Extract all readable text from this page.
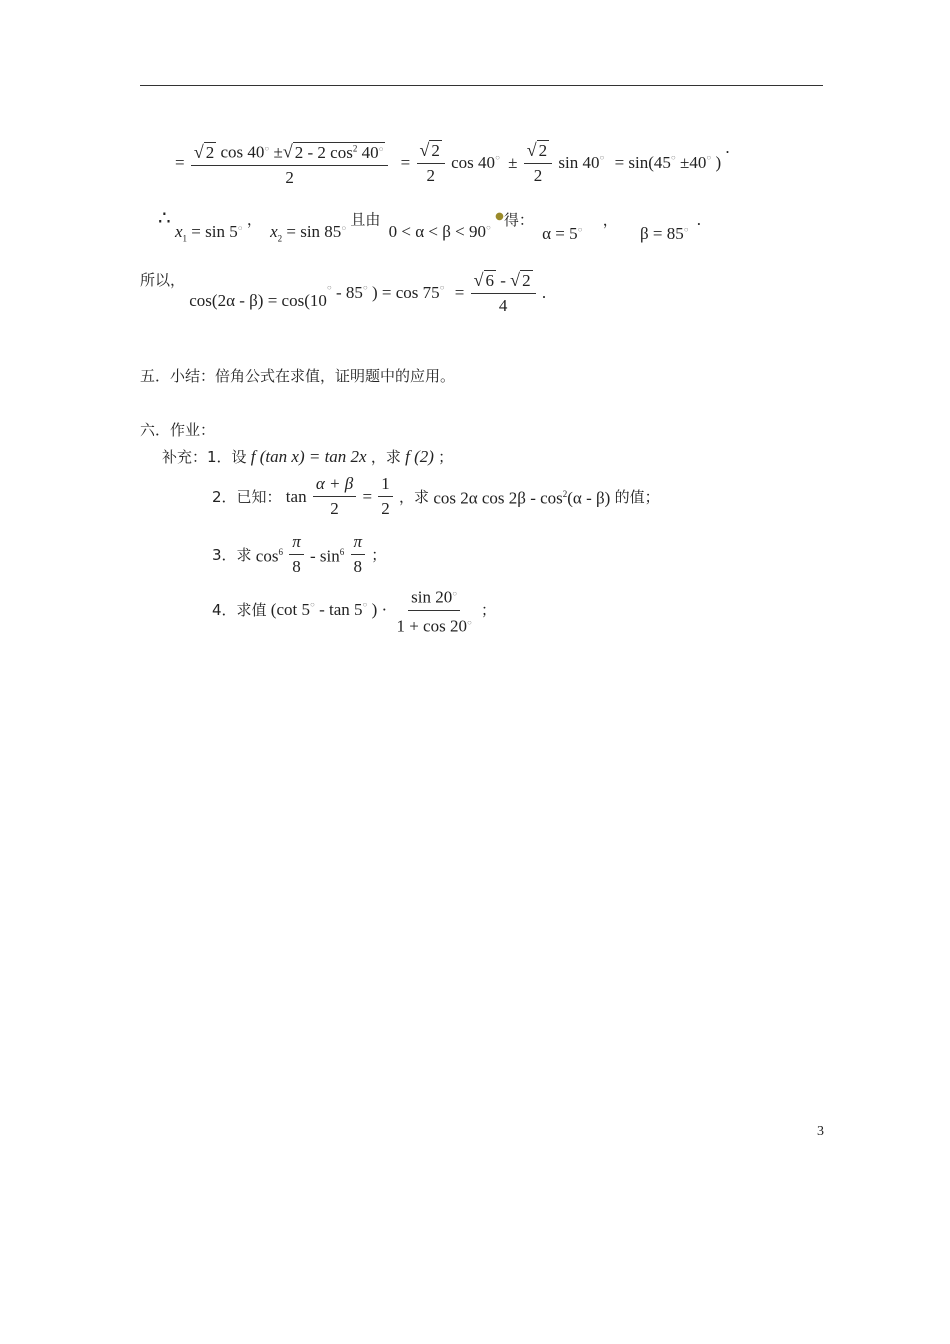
= $\frac{√ 2 \cos 40^○ \pm√ 2 - 2 \cos^2 40^○}{2} = \frac{√ 2}{2}$ cos 40○ ± $\frac{√ 2}{2}$ sin 40○ = sin(45○ ±40○ ) .
∴ $x_1 = \sin 5^○$ ， $x_2 = \sin 85^○$ 且由 0 < α < β < 90○ ●得： α = 5○ ， β = 85○ .
所以， cos(2α - β) = cos(10○ - 85○ ) = cos 75○ = $\frac{√ 6 - √ 2}{4}$ .
五．小结：倍角公式在求值，证明题中的应用。
六．作业：
补充：1．设 f (tan x) = tan 2x ，求 f (2) ；
2．已知： $\tan \frac{\alpha + \beta}{2} = \frac{1}{2}$ ，求 cos 2α $\cos 2\beta - \cos^2(\alpha - \beta)$ 的值；
3．求 $\cos^6 \frac{\pi}{8} - \sin^6 \frac{\pi}{8}$ ；
4．求值 (cot 5○ - tan 5○ ) · $\frac{\sin 20^○}{1 + \cos 20^○}$ ；
3
